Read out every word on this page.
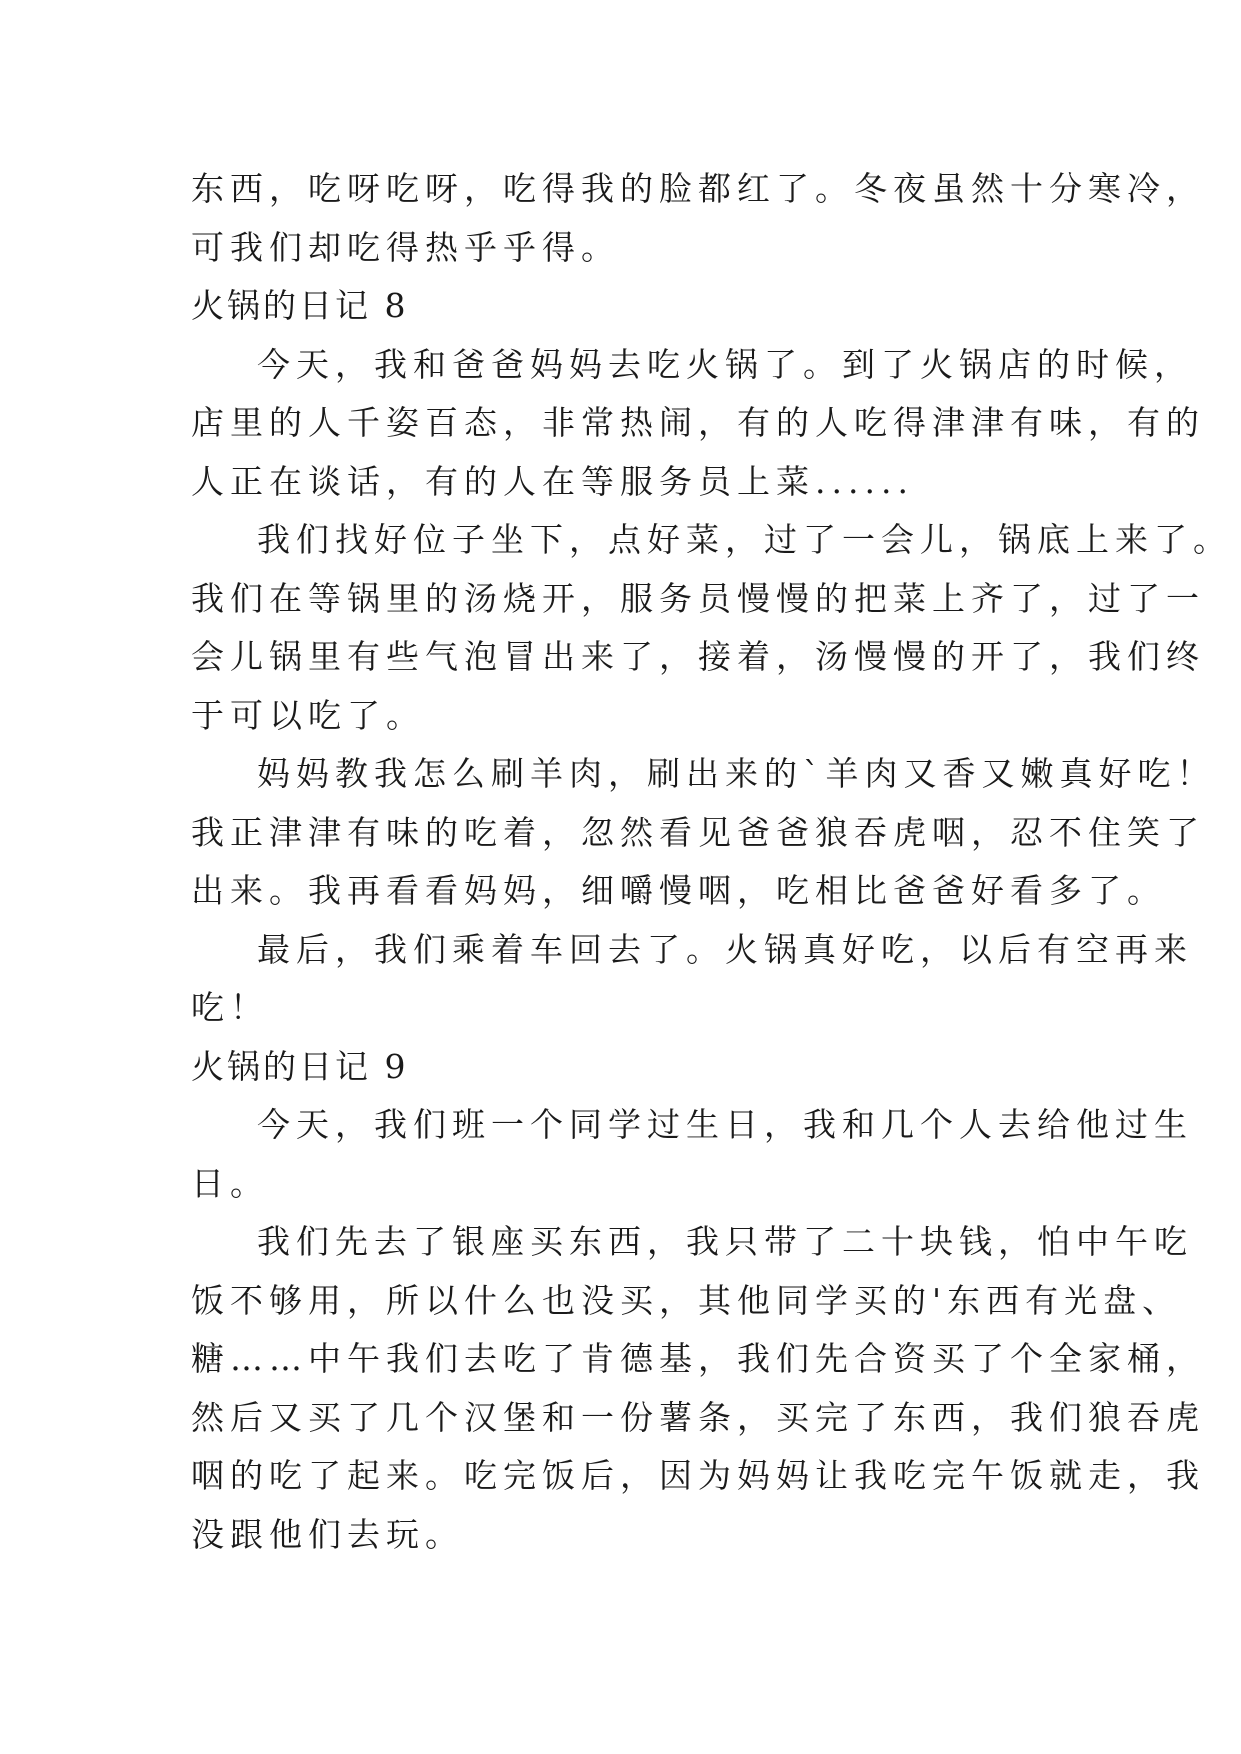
东西，吃呀吃呀，吃得我的脸都红了。冬夜虽然十分寒冷，
可我们却吃得热乎乎得。
火锅的日记 8
今天，我和爸爸妈妈去吃火锅了。到了火锅店的时候，
店里的人千姿百态，非常热闹，有的人吃得津津有味，有的
人正在谈话，有的人在等服务员上菜......
我们找好位子坐下，点好菜，过了一会儿，锅底上来了。
我们在等锅里的汤烧开，服务员慢慢的把菜上齐了，过了一
会儿锅里有些气泡冒出来了，接着，汤慢慢的开了，我们终
于可以吃了。
妈妈教我怎么刷羊肉，刷出来的`羊肉又香又嫩真好吃！
我正津津有味的吃着，忽然看见爸爸狼吞虎咽，忍不住笑了
出来。我再看看妈妈，细嚼慢咽，吃相比爸爸好看多了。
最后，我们乘着车回去了。火锅真好吃，以后有空再来
吃！
火锅的日记 9
今天，我们班一个同学过生日，我和几个人去给他过生
日。
我们先去了银座买东西，我只带了二十块钱，怕中午吃
饭不够用，所以什么也没买，其他同学买的'东西有光盘、
糖……中午我们去吃了肯德基，我们先合资买了个全家桶，
然后又买了几个汉堡和一份薯条，买完了东西，我们狼吞虎
咽的吃了起来。吃完饭后，因为妈妈让我吃完午饭就走，我
没跟他们去玩。
